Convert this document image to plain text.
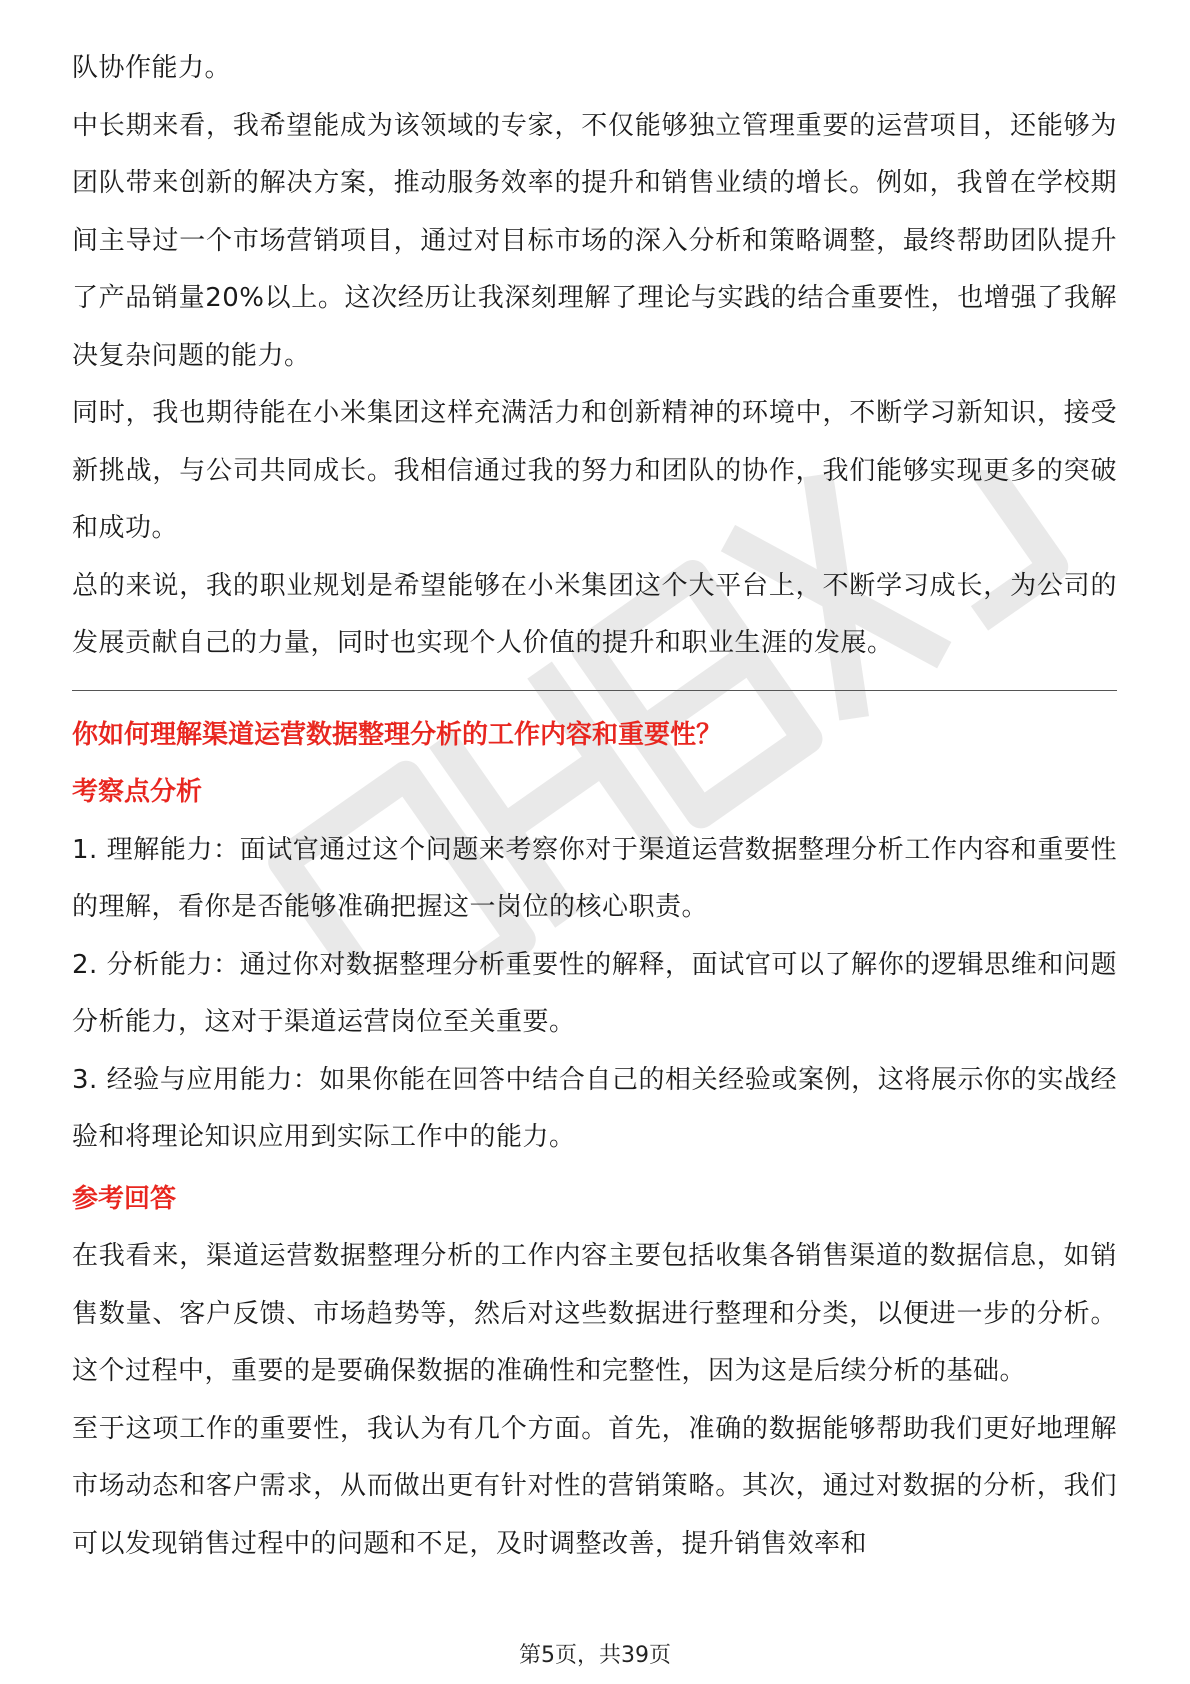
队协作能力。

中长期来看，我希望能成为该领域的专家，不仅能够独立管理重要的运营项目，还能够为团队带来创新的解决方案，推动服务效率的提升和销售业绩的增长。例如，我曾在学校期间主导过一个市场营销项目，通过对目标市场的深入分析和策略调整，最终帮助团队提升了产品销量20%以上。这次经历让我深刻理解了理论与实践的结合重要性，也增强了我解决复杂问题的能力。

同时，我也期待能在小米集团这样充满活力和创新精神的环境中，不断学习新知识，接受新挑战，与公司共同成长。我相信通过我的努力和团队的协作，我们能够实现更多的突破和成功。

总的来说，我的职业规划是希望能够在小米集团这个大平台上，不断学习成长，为公司的发展贡献自己的力量，同时也实现个人价值的提升和职业生涯的发展。

你如何理解渠道运营数据整理分析的工作内容和重要性？

考察点分析

1. 理解能力：面试官通过这个问题来考察你对于渠道运营数据整理分析工作内容和重要性的理解，看你是否能够准确把握这一岗位的核心职责。

2. 分析能力：通过你对数据整理分析重要性的解释，面试官可以了解你的逻辑思维和问题分析能力，这对于渠道运营岗位至关重要。

3. 经验与应用能力：如果你能在回答中结合自己的相关经验或案例，这将展示你的实战经验和将理论知识应用到实际工作中的能力。

参考回答

在我看来，渠道运营数据整理分析的工作内容主要包括收集各销售渠道的数据信息，如销售数量、客户反馈、市场趋势等，然后对这些数据进行整理和分类，以便进一步的分析。这个过程中，重要的是要确保数据的准确性和完整性，因为这是后续分析的基础。

至于这项工作的重要性，我认为有几个方面。首先，准确的数据能够帮助我们更好地理解市场动态和客户需求，从而做出更有针对性的营销策略。其次，通过对数据的分析，我们可以发现销售过程中的问题和不足，及时调整改善，提升销售效率和

第5页，共39页
